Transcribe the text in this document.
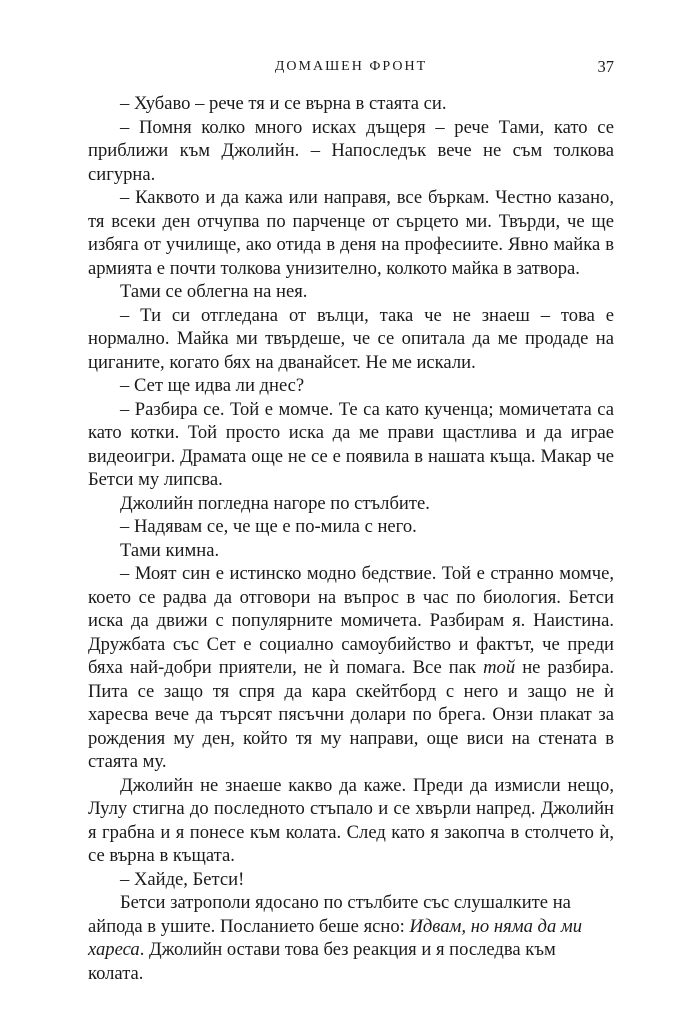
ДОМАШЕН ФРОНТ	37

– Хубаво – рече тя и се върна в стаята си.

– Помня колко много исках дъщеря – рече Тами, като се приближи към Джолийн. – Напоследък вече не съм толкова сигурна.

– Каквото и да кажа или направя, все бъркам. Честно казано, тя всеки ден отчупва по парченце от сърцето ми. Твърди, че ще избяга от училище, ако отида в деня на професиите. Явно майка в армията е почти толкова унизително, колкото майка в затвора.

Тами се облегна на нея.

– Ти си отгледана от вълци, така че не знаеш – това е нормално. Майка ми твърдеше, че се опитала да ме продаде на циганите, когато бях на дванайсет. Не ме искали.

– Сет ще идва ли днес?

– Разбира се. Той е момче. Те са като кученца; момичетата са като котки. Той просто иска да ме прави щастлива и да играе видеоигри. Драмата още не се е появила в нашата къща. Макар че Бетси му липсва.

Джолийн погледна нагоре по стълбите.

– Надявам се, че ще е по-мила с него.

Тами кимна.

– Моят син е истинско модно бедствие. Той е странно момче, което се радва да отговори на въпрос в час по биология. Бетси иска да движи с популярните момичета. Разбирам я. Наистина. Дружбата със Сет е социално самоубийство и фактът, че преди бяха най-добри приятели, не ѝ помага. Все пак той не разбира. Пита се защо тя спря да кара скейтборд с него и защо не ѝ харесва вече да търсят пясъчни долари по брега. Онзи плакат за рождения му ден, който тя му направи, още виси на стената в стаята му.

Джолийн не знаеше какво да каже. Преди да измисли нещо, Лулу стигна до последното стъпало и се хвърли напред. Джолийн я грабна и я понесе към колата. След като я закопча в столчето ѝ, се върна в къщата.

– Хайде, Бетси!

Бетси затрополи ядосано по стълбите със слушалките на айпода в ушите. Посланието беше ясно: Идвам, но няма да ми хареса. Джолийн остави това без реакция и я последва към колата.
